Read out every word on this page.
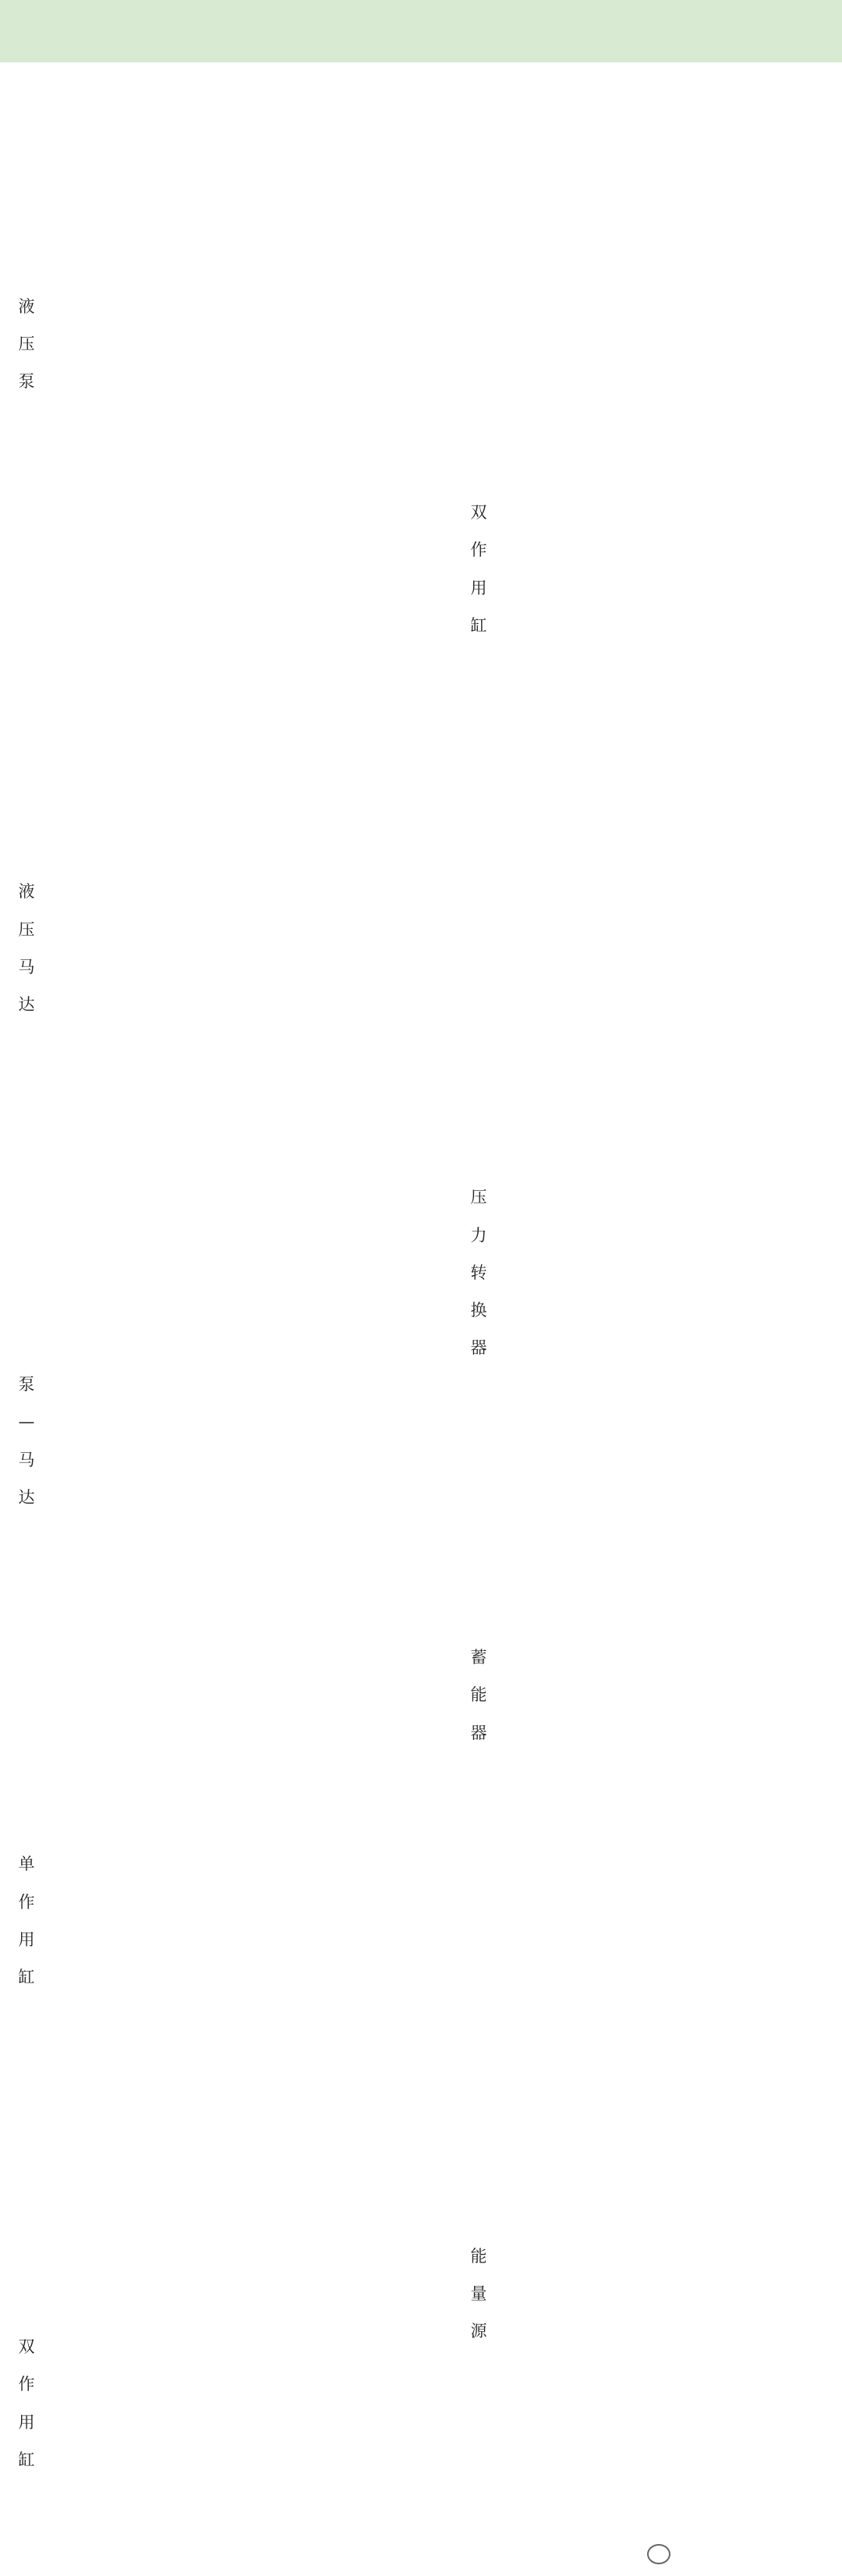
液
压
泵
液
压
马
达
泵
—
马
达
单
作
用
缸
双
作
用
缸
双
作
用
缸
压
力
转
换
器
蓄
能
器
能
量
源
